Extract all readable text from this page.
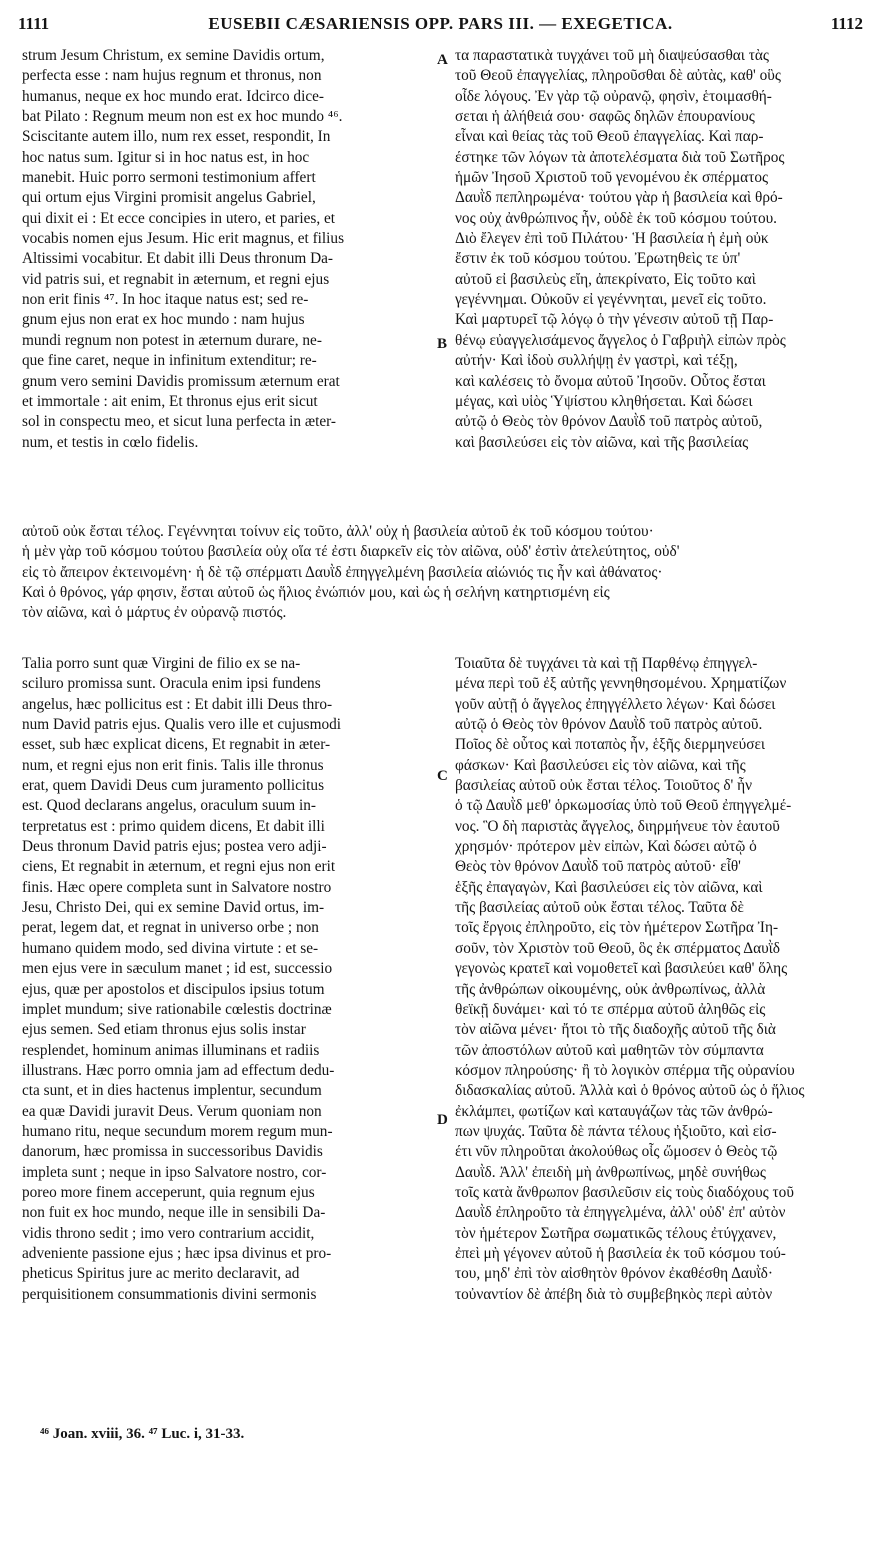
1111	EUSEBII CÆSARIENSIS OPP. PARS III. — EXEGETICA.	1112
strum Jesum Christum, ex semine Davidis ortum,
perfecta esse : nam hujus regnum et thronus, non
humanus, neque ex hoc mundo erat. Idcirco dice-
bat Pilato : Regnum meum non est ex hoc mundo ⁴⁶.
Sciscitante autem illo, num rex esset, respondit, In
hoc natus sum. Igitur si in hoc natus est, in hoc
manebit. Huic porro sermoni testimonium affert
qui ortum ejus Virgini promisit angelus Gabriel,
qui dixit ei : Et ecce concipies in utero, et paries, et
vocabis nomen ejus Jesum. Hic erit magnus, et filius
Altissimi vocabitur. Et dabit illi Deus thronum Da-
vid patris sui, et regnabit in æternum, et regni ejus
non erit finis ⁴⁷. In hoc itaque natus est; sed re-
gnum ejus non erat ex hoc mundo : nam hujus
mundi regnum non potest in æternum durare, ne-
que fine caret, neque in infinitum extenditur; re-
gnum vero semini Davidis promissum æternum erat
et immortale : ait enim, Et thronus ejus erit sicut
sol in conspectu meo, et sicut luna perfecta in æter-
num, et testis in cœlo fidelis.
τα παραστατικὰ τυγχάνει τοῦ μὴ διαψεύσασθαι τὰς
τοῦ Θεοῦ ἐπαγγελίας, πληροῦσθαι δὲ αὐτὰς, καθ' οὓς
οἶδε λόγους. Ἐν γὰρ τῷ οὐρανῷ, φησὶν, ἑτοιμασθή-
σεται ἡ ἀλήθειά σου· σαφῶς δηλῶν ἐπουρανίους
εἶναι καὶ θείας τὰς τοῦ Θεοῦ ἐπαγγελίας. Καὶ παρ-
έστηκε τῶν λόγων τὰ ἀποτελέσματα διὰ τοῦ Σωτῆρος
ἡμῶν Ἰησοῦ Χριστοῦ τοῦ γενομένου ἐκ σπέρματος
Δαυῒδ πεπληρωμένα· τούτου γὰρ ἡ βασιλεία καὶ θρό-
νος οὐχ ἀνθρώπινος ἦν, οὐδὲ ἐκ τοῦ κόσμου τούτου.
Διὸ ἔλεγεν ἐπὶ τοῦ Πιλάτου· Ἡ βασιλεία ἡ ἐμὴ οὐκ
ἔστιν ἐκ τοῦ κόσμου τούτου. Ἐρωτηθεὶς τε ὑπ'
αὐτοῦ εἰ βασιλεὺς εἴη, ἀπεκρίνατο, Εἰς τοῦτο καὶ
γεγέννημαι. Οὐκοῦν εἰ γεγέννηται, μενεῖ εἰς τοῦτο.
Καὶ μαρτυρεῖ τῷ λόγῳ ὁ τὴν γένεσιν αὐτοῦ τῇ Παρ-
θένῳ εὐαγγελισάμενος ἄγγελος ὁ Γαβριὴλ εἰπὼν πρὸς
αὐτήν· Καὶ ἰδοὺ συλλήψῃ ἐν γαστρὶ, καὶ τέξῃ,
καὶ καλέσεις τὸ ὄνομα αὐτοῦ Ἰησοῦν. Οὗτος ἔσται
μέγας, καὶ υἱὸς Ὑψίστου κληθήσεται. Καὶ δώσει
αὐτῷ ὁ Θεὸς τὸν θρόνον Δαυῒδ τοῦ πατρὸς αὐτοῦ,
καὶ βασιλεύσει εἰς τὸν αἰῶνα, καὶ τῆς βασιλείας
αὐτοῦ οὐκ ἔσται τέλος. Γεγέννηται τοίνυν εἰς τοῦτο, ἀλλ' οὐχ ἡ βασιλεία αὐτοῦ ἐκ τοῦ κόσμου τούτου·
ἡ μὲν γὰρ τοῦ κόσμου τούτου βασιλεία οὐχ οἵα τέ ἐστι διαρκεῖν εἰς τὸν αἰῶνα, οὐδ' ἐστὶν ἀτελεύτητος, οὐδ'
εἰς τὸ ἄπειρον ἐκτεινομένη· ἡ δὲ τῷ σπέρματι Δαυῒδ ἐπηγγελμένη βασιλεία αἰώνιός τις ἦν καὶ ἀθάνατος·
Καὶ ὁ θρόνος, γάρ φησιν, ἔσται αὐτοῦ ὡς ἥλιος ἐνώπιόν μου, καὶ ὡς ἡ σελήνη κατηρτισμένη εἰς
τὸν αἰῶνα, καὶ ὁ μάρτυς ἐν οὐρανῷ πιστός.
Talia porro sunt quæ Virgini de filio ex se na-
sciluro promissa sunt. Oracula enim ipsi fundens
angelus, hæc pollicitus est : Et dabit illi Deus thro-
num David patris ejus. Qualis vero ille et cujusmodi
esset, sub hæc explicat dicens, Et regnabit in æter-
num, et regni ejus non erit finis. Talis ille thronus
erat, quem Davidi Deus cum juramento pollicitus
est. Quod declarans angelus, oraculum suum in-
terpretatus est : primo quidem dicens, Et dabit illi
Deus thronum David patris ejus; postea vero adji-
ciens, Et regnabit in æternum, et regni ejus non erit
finis. Hæc opere completa sunt in Salvatore nostro
Jesu, Christo Dei, qui ex semine David ortus, im-
perat, legem dat, et regnat in universo orbe ; non
humano quidem modo, sed divina virtute : et se-
men ejus vere in sæculum manet ; id est, successio
ejus, quæ per apostolos et discipulos ipsius totum
implet mundum; sive rationabile cœlestis doctrinæ
ejus semen. Sed etiam thronus ejus solis instar
resplendet, hominum animas illuminans et radiis
illustrans. Hæc porro omnia jam ad effectum dedu-
cta sunt, et in dies hactenus implentur, secundum
ea quæ Davidi juravit Deus. Verum quoniam non
humano ritu, neque secundum morem regum mun-
danorum, hæc promissa in successoribus Davidis
impleta sunt ; neque in ipso Salvatore nostro, cor-
poreo more finem acceperunt, quia regnum ejus
non fuit ex hoc mundo, neque ille in sensibili Da-
vidis throno sedit ; imo vero contrarium accidit,
adveniente passione ejus ; hæc ipsa divinus et pro-
pheticus Spiritus jure ac merito declaravit, ad
perquisitionem consummationis divini sermonis
Τοιαῦτα δὲ τυγχάνει τὰ καὶ τῇ Παρθένῳ ἐπηγγελ-
μένα περὶ τοῦ ἐξ αὐτῆς γεννηθησομένου. Χρηματίζων
γοῦν αὐτῇ ὁ ἄγγελος ἐπηγγέλλετο λέγων· Καὶ δώσει
αὐτῷ ὁ Θεὸς τὸν θρόνον Δαυῒδ τοῦ πατρὸς αὐτοῦ.
Ποῖος δὲ οὗτος καὶ ποταπὸς ἦν, ἑξῆς διερμηνεύσει
φάσκων· Καὶ βασιλεύσει εἰς τὸν αἰῶνα, καὶ τῆς
βασιλείας αὐτοῦ οὐκ ἔσται τέλος. Τοιοῦτος δ' ἦν
ὁ τῷ Δαυῒδ μεθ' ὁρκωμοσίας ὑπὸ τοῦ Θεοῦ ἐπηγγελμέ-
νος. Ὃ δὴ παριστὰς ἄγγελος, διηρμήνευε τὸν ἑαυτοῦ
χρησμόν· πρότερον μὲν εἰπὼν, Καὶ δώσει αὐτῷ ὁ
Θεὸς τὸν θρόνον Δαυῒδ τοῦ πατρὸς αὐτοῦ· εἶθ'
ἑξῆς ἐπαγαγὼν, Καὶ βασιλεύσει εἰς τὸν αἰῶνα, καὶ
τῆς βασιλείας αὐτοῦ οὐκ ἔσται τέλος. Ταῦτα δὲ
τοῖς ἔργοις ἐπληροῦτο, εἰς τὸν ἡμέτερον Σωτῆρα Ἰη-
σοῦν, τὸν Χριστὸν τοῦ Θεοῦ, ὃς ἐκ σπέρματος Δαυῒδ
γεγονὼς κρατεῖ καὶ νομοθετεῖ καὶ βασιλεύει καθ' ὅλης
τῆς ἀνθρώπων οἰκουμένης, οὐκ ἀνθρωπίνως, ἀλλὰ
θεϊκῇ δυνάμει· καὶ τό τε σπέρμα αὐτοῦ ἀληθῶς εἰς
τὸν αἰῶνα μένει· ἤτοι τὸ τῆς διαδοχῆς αὐτοῦ τῆς διὰ
τῶν ἀποστόλων αὐτοῦ καὶ μαθητῶν τὸν σύμπαντα
κόσμον πληρούσης· ἢ τὸ λογικὸν σπέρμα τῆς οὐρανίου
διδασκαλίας αὐτοῦ. Ἀλλὰ καὶ ὁ θρόνος αὐτοῦ ὡς ὁ ἥλιος
ἐκλάμπει, φωτίζων καὶ καταυγάζων τὰς τῶν ἀνθρώ-
πων ψυχάς. Ταῦτα δὲ πάντα τέλους ἠξιοῦτο, καὶ εἰσ-
έτι νῦν πληροῦται ἀκολούθως οἷς ὤμοσεν ὁ Θεὸς τῷ
Δαυῒδ. Ἀλλ' ἐπειδὴ μὴ ἀνθρωπίνως, μηδὲ συνήθως
τοῖς κατὰ ἄνθρωπον βασιλεῦσιν εἰς τοὺς διαδόχους τοῦ
Δαυῒδ ἐπληροῦτο τὰ ἐπηγγελμένα, ἀλλ' οὐδ' ἐπ' αὐτὸν
τὸν ἡμέτερον Σωτῆρα σωματικῶς τέλους ἐτύγχανεν,
ἐπεὶ μὴ γέγονεν αὐτοῦ ἡ βασιλεία ἐκ τοῦ κόσμου τού-
του, μηδ' ἐπὶ τὸν αἰσθητὸν θρόνον ἐκαθέσθη Δαυῒδ·
τοὐναντίον δὲ ἀπέβη διὰ τὸ συμβεβηκὸς περὶ αὐτὸν
A
B
C
D
⁴⁶ Joan. xviii, 36. ⁴⁷ Luc. i, 31-33.
